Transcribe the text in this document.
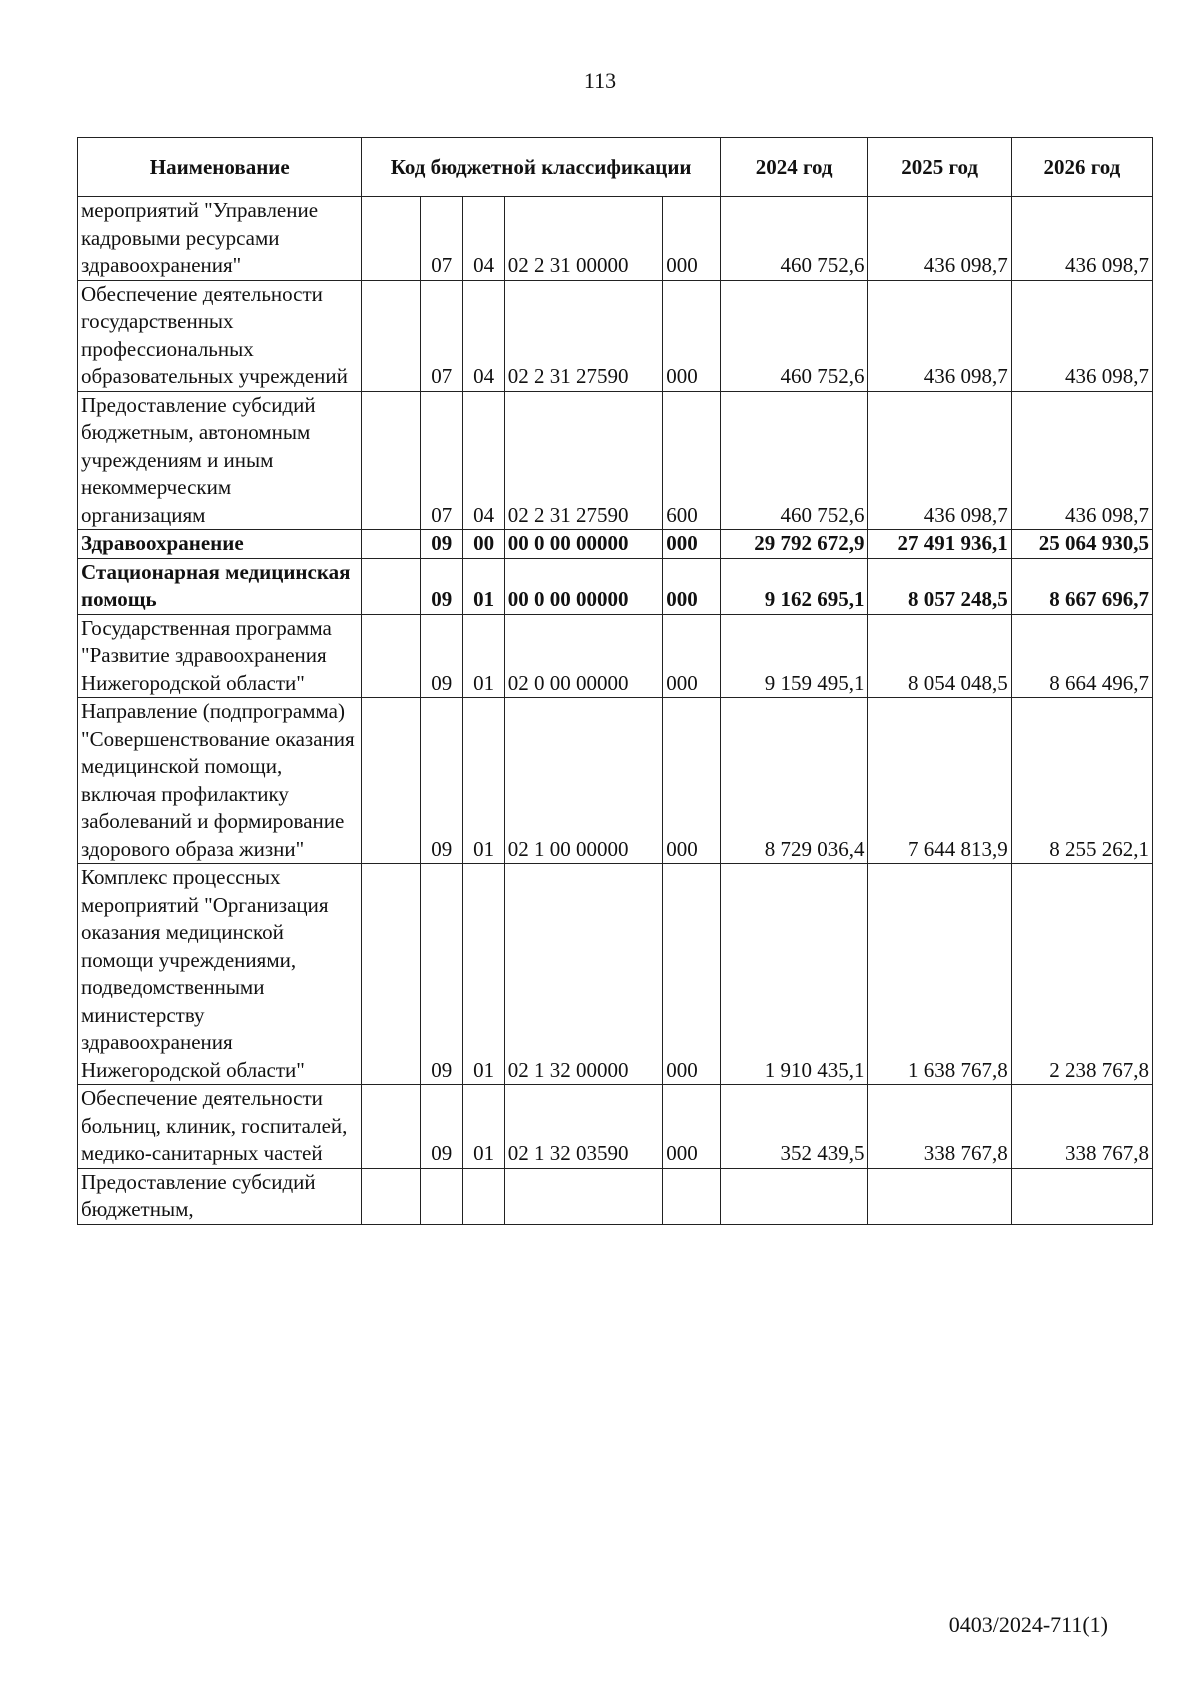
113
Наименование	Код бюджетной классификации					2024 год	2025 год	2026 год
мероприятий "Управление кадровыми ресурсами здравоохранения"		07	04	02 2 31 00000	000	460 752,6	436 098,7	436 098,7
Обеспечение деятельности государственных профессиональных образовательных учреждений		07	04	02 2 31 27590	000	460 752,6	436 098,7	436 098,7
Предоставление субсидий бюджетным, автономным учреждениям и иным некоммерческим организациям		07	04	02 2 31 27590	600	460 752,6	436 098,7	436 098,7
Здравоохранение		09	00	00 0 00 00000	000	29 792 672,9	27 491 936,1	25 064 930,5
Стационарная медицинская помощь		09	01	00 0 00 00000	000	9 162 695,1	8 057 248,5	8 667 696,7
Государственная программа "Развитие здравоохранения Нижегородской области"		09	01	02 0 00 00000	000	9 159 495,1	8 054 048,5	8 664 496,7
Направление (подпрограмма) "Совершенствование оказания медицинской помощи, включая профилактику заболеваний и формирование здорового образа жизни"		09	01	02 1 00 00000	000	8 729 036,4	7 644 813,9	8 255 262,1
Комплекс процессных мероприятий "Организация оказания медицинской помощи учреждениями, подведомственными министерству здравоохранения Нижегородской области"		09	01	02 1 32 00000	000	1 910 435,1	1 638 767,8	2 238 767,8
Обеспечение деятельности больниц, клиник, госпиталей, медико-санитарных частей		09	01	02 1 32 03590	000	352 439,5	338 767,8	338 767,8
Предоставление субсидий бюджетным,								
0403/2024-711(1)
